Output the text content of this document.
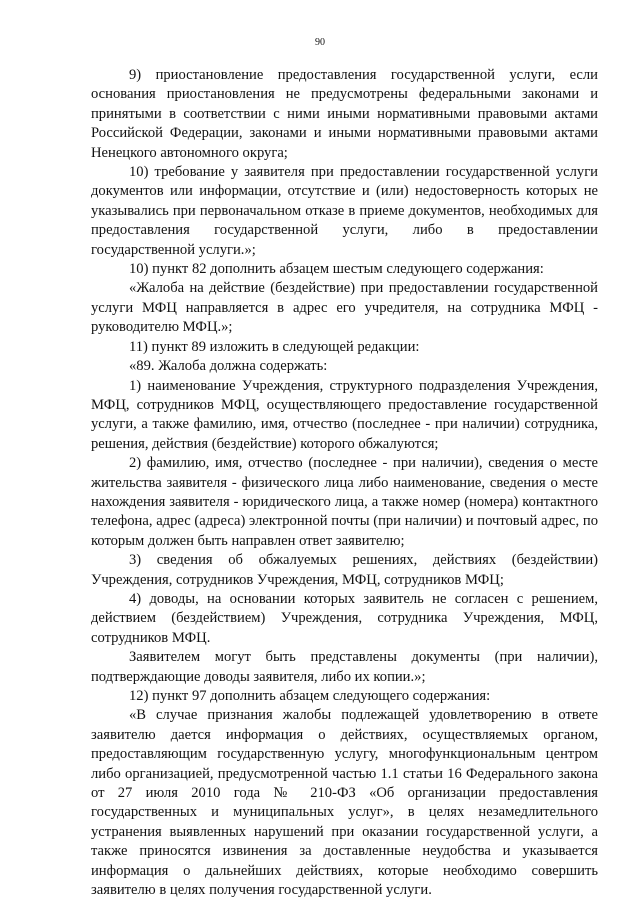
90

9) приостановление предоставления государственной услуги, если основания приостановления не предусмотрены федеральными законами и принятыми в соответствии с ними иными нормативными правовыми актами Российской Федерации, законами и иными нормативными правовыми актами Ненецкого автономного округа;

10) требование у заявителя при предоставлении государственной услуги документов или информации, отсутствие и (или) недостоверность которых не указывались при первоначальном отказе в приеме документов, необходимых для предоставления государственной услуги, либо в предоставлении государственной услуги.»;

10) пункт 82 дополнить абзацем шестым следующего содержания:

«Жалоба на действие (бездействие) при предоставлении государственной услуги МФЦ направляется в адрес его учредителя, на сотрудника МФЦ - руководителю МФЦ.»;

11) пункт 89 изложить в следующей редакции:

«89. Жалоба должна содержать:

1) наименование Учреждения, структурного подразделения Учреждения, МФЦ, сотрудников МФЦ, осуществляющего предоставление государственной услуги, а также фамилию, имя, отчество (последнее - при наличии) сотрудника, решения, действия (бездействие) которого обжалуются;

2) фамилию, имя, отчество (последнее - при наличии), сведения о месте жительства заявителя - физического лица либо наименование, сведения о месте нахождения заявителя - юридического лица, а также номер (номера) контактного телефона, адрес (адреса) электронной почты (при наличии) и почтовый адрес, по которым должен быть направлен ответ заявителю;

3) сведения об обжалуемых решениях, действиях (бездействии) Учреждения, сотрудников Учреждения, МФЦ, сотрудников МФЦ;

4) доводы, на основании которых заявитель не согласен с решением, действием (бездействием) Учреждения, сотрудника Учреждения, МФЦ, сотрудников МФЦ.

Заявителем могут быть представлены документы (при наличии), подтверждающие доводы заявителя, либо их копии.»;

12) пункт 97 дополнить абзацем следующего содержания:

«В случае признания жалобы подлежащей удовлетворению в ответе заявителю дается информация о действиях, осуществляемых органом, предоставляющим государственную услугу, многофункциональным центром либо организацией, предусмотренной частью 1.1 статьи 16 Федерального закона от 27 июля 2010 года № 210-ФЗ «Об организации предоставления государственных и муниципальных услуг», в целях незамедлительного устранения выявленных нарушений при оказании государственной услуги, а также приносятся извинения за доставленные неудобства и указывается информация о дальнейших действиях, которые необходимо совершить заявителю в целях получения государственной услуги.
